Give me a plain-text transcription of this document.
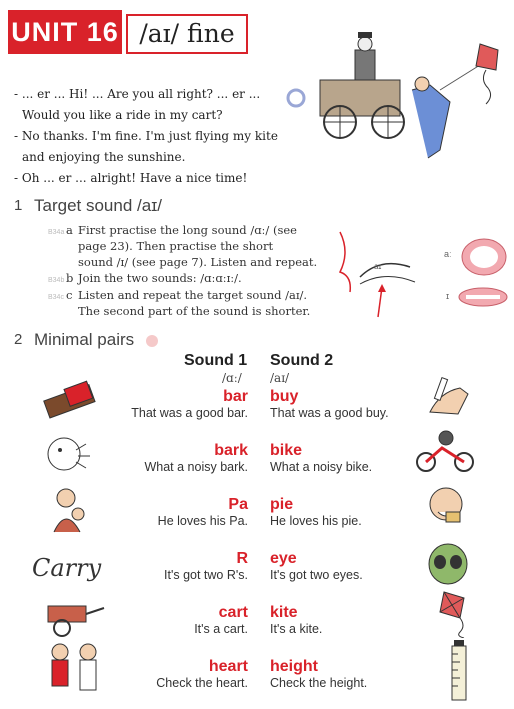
UNIT 16 /aɪ/ fine
- ... er ... Hi! ... Are you all right? ... er ...
Would you like a ride in my cart?
- No thanks. I'm fine. I'm just flying my kite
and enjoying the sunshine.
- Oh ... er ... alright! Have a nice time!
1 Target sound /aɪ/
B34a a First practise the long sound /ɑː/ (see
page 23). Then practise the short
sound /ɪ/ (see page 7). Listen and repeat.
B34b b Join the two sounds: /ɑːɑːɪː/.
B34c c Listen and repeat the target sound /aɪ/.
The second part of the sound is shorter.
aɪ
aː
ɪ
2 Minimal pairs
Sound 1
/ɑː/
Sound 2
/aɪ/
bar
That was a good bar.
buy
That was a good buy.
bark
What a noisy bark.
bike
What a noisy bike.
Pa
He loves his Pa.
pie
He loves his pie.
R
It's got two R's.
eye
It's got two eyes.
cart
It's a cart.
kite
It's a kite.
heart
Check the heart.
height
Check the height.
Carry
